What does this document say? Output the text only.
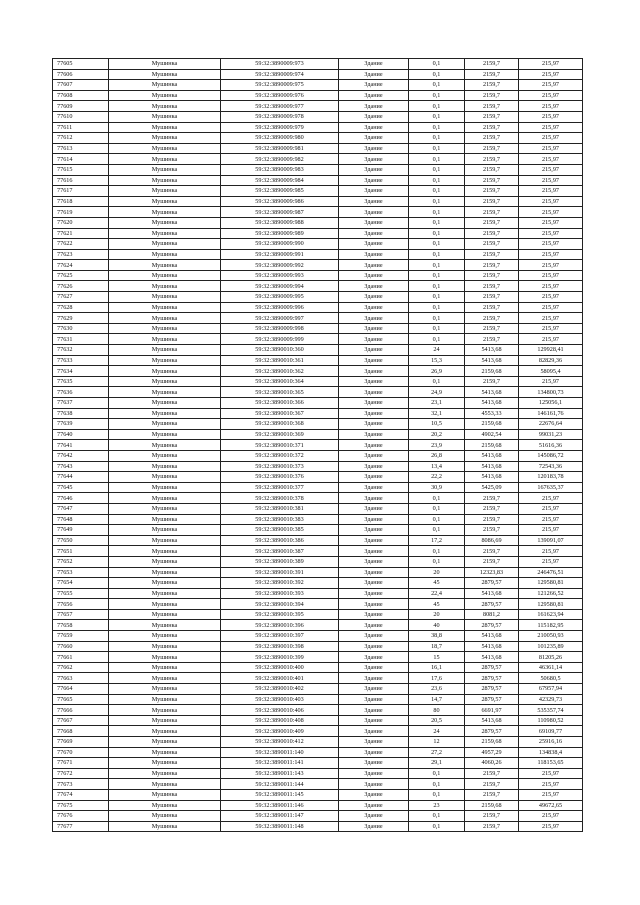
77605	Мушинка	59:32:3890009:973	Здание	0,1	2159,7	215,97
77606	Мушинка	59:32:3890009:974	Здание	0,1	2159,7	215,97
77607	Мушинка	59:32:3890009:975	Здание	0,1	2159,7	215,97
77608	Мушинка	59:32:3890009:976	Здание	0,1	2159,7	215,97
77609	Мушинка	59:32:3890009:977	Здание	0,1	2159,7	215,97
77610	Мушинка	59:32:3890009:978	Здание	0,1	2159,7	215,97
77611	Мушинка	59:32:3890009:979	Здание	0,1	2159,7	215,97
77612	Мушинка	59:32:3890009:980	Здание	0,1	2159,7	215,97
77613	Мушинка	59:32:3890009:981	Здание	0,1	2159,7	215,97
77614	Мушинка	59:32:3890009:982	Здание	0,1	2159,7	215,97
77615	Мушинка	59:32:3890009:983	Здание	0,1	2159,7	215,97
77616	Мушинка	59:32:3890009:984	Здание	0,1	2159,7	215,97
77617	Мушинка	59:32:3890009:985	Здание	0,1	2159,7	215,97
77618	Мушинка	59:32:3890009:986	Здание	0,1	2159,7	215,97
77619	Мушинка	59:32:3890009:987	Здание	0,1	2159,7	215,97
77620	Мушинка	59:32:3890009:988	Здание	0,1	2159,7	215,97
77621	Мушинка	59:32:3890009:989	Здание	0,1	2159,7	215,97
77622	Мушинка	59:32:3890009:990	Здание	0,1	2159,7	215,97
77623	Мушинка	59:32:3890009:991	Здание	0,1	2159,7	215,97
77624	Мушинка	59:32:3890009:992	Здание	0,1	2159,7	215,97
77625	Мушинка	59:32:3890009:993	Здание	0,1	2159,7	215,97
77626	Мушинка	59:32:3890009:994	Здание	0,1	2159,7	215,97
77627	Мушинка	59:32:3890009:995	Здание	0,1	2159,7	215,97
77628	Мушинка	59:32:3890009:996	Здание	0,1	2159,7	215,97
77629	Мушинка	59:32:3890009:997	Здание	0,1	2159,7	215,97
77630	Мушинка	59:32:3890009:998	Здание	0,1	2159,7	215,97
77631	Мушинка	59:32:3890009:999	Здание	0,1	2159,7	215,97
77632	Мушинка	59:32:3890010:360	Здание	24	5413,68	129928,41
77633	Мушинка	59:32:3890010:361	Здание	15,3	5413,68	82829,36
77634	Мушинка	59:32:3890010:362	Здание	26,9	2159,68	58095,4
77635	Мушинка	59:32:3890010:364	Здание	0,1	2159,7	215,97
77636	Мушинка	59:32:3890010:365	Здание	24,9	5413,68	134800,73
77637	Мушинка	59:32:3890010:366	Здание	23,1	5413,68	125056,1
77638	Мушинка	59:32:3890010:367	Здание	32,1	4553,33	146161,76
77639	Мушинка	59:32:3890010:368	Здание	10,5	2159,68	22676,64
77640	Мушинка	59:32:3890010:369	Здание	20,2	4902,54	99031,23
77641	Мушинка	59:32:3890010:371	Здание	23,9	2159,68	51616,36
77642	Мушинка	59:32:3890010:372	Здание	26,8	5413,68	145086,72
77643	Мушинка	59:32:3890010:373	Здание	13,4	5413,68	72543,36
77644	Мушинка	59:32:3890010:376	Здание	22,2	5413,68	120183,78
77645	Мушинка	59:32:3890010:377	Здание	30,9	5425,09	167635,37
77646	Мушинка	59:32:3890010:378	Здание	0,1	2159,7	215,97
77647	Мушинка	59:32:3890010:381	Здание	0,1	2159,7	215,97
77648	Мушинка	59:32:3890010:383	Здание	0,1	2159,7	215,97
77649	Мушинка	59:32:3890010:385	Здание	0,1	2159,7	215,97
77650	Мушинка	59:32:3890010:386	Здание	17,2	8086,69	139091,07
77651	Мушинка	59:32:3890010:387	Здание	0,1	2159,7	215,97
77652	Мушинка	59:32:3890010:389	Здание	0,1	2159,7	215,97
77653	Мушинка	59:32:3890010:391	Здание	20	12323,83	246476,51
77654	Мушинка	59:32:3890010:392	Здание	45	2879,57	129580,81
77655	Мушинка	59:32:3890010:393	Здание	22,4	5413,68	121266,52
77656	Мушинка	59:32:3890010:394	Здание	45	2879,57	129580,81
77657	Мушинка	59:32:3890010:395	Здание	20	8081,2	161623,94
77658	Мушинка	59:32:3890010:396	Здание	40	2879,57	115182,95
77659	Мушинка	59:32:3890010:397	Здание	38,8	5413,68	210050,93
77660	Мушинка	59:32:3890010:398	Здание	18,7	5413,68	101235,89
77661	Мушинка	59:32:3890010:399	Здание	15	5413,68	81205,26
77662	Мушинка	59:32:3890010:400	Здание	16,1	2879,57	46361,14
77663	Мушинка	59:32:3890010:401	Здание	17,6	2879,57	50680,5
77664	Мушинка	59:32:3890010:402	Здание	23,6	2879,57	67957,94
77665	Мушинка	59:32:3890010:403	Здание	14,7	2879,57	42329,73
77666	Мушинка	59:32:3890010:406	Здание	80	6691,97	535357,74
77667	Мушинка	59:32:3890010:408	Здание	20,5	5413,68	110980,52
77668	Мушинка	59:32:3890010:409	Здание	24	2879,57	69109,77
77669	Мушинка	59:32:3890010:412	Здание	12	2159,68	25916,16
77670	Мушинка	59:32:3890011:140	Здание	27,2	4957,29	134838,4
77671	Мушинка	59:32:3890011:141	Здание	29,1	4060,26	118153,65
77672	Мушинка	59:32:3890011:143	Здание	0,1	2159,7	215,97
77673	Мушинка	59:32:3890011:144	Здание	0,1	2159,7	215,97
77674	Мушинка	59:32:3890011:145	Здание	0,1	2159,7	215,97
77675	Мушинка	59:32:3890011:146	Здание	23	2159,68	49672,65
77676	Мушинка	59:32:3890011:147	Здание	0,1	2159,7	215,97
77677	Мушинка	59:32:3890011:148	Здание	0,1	2159,7	215,97
